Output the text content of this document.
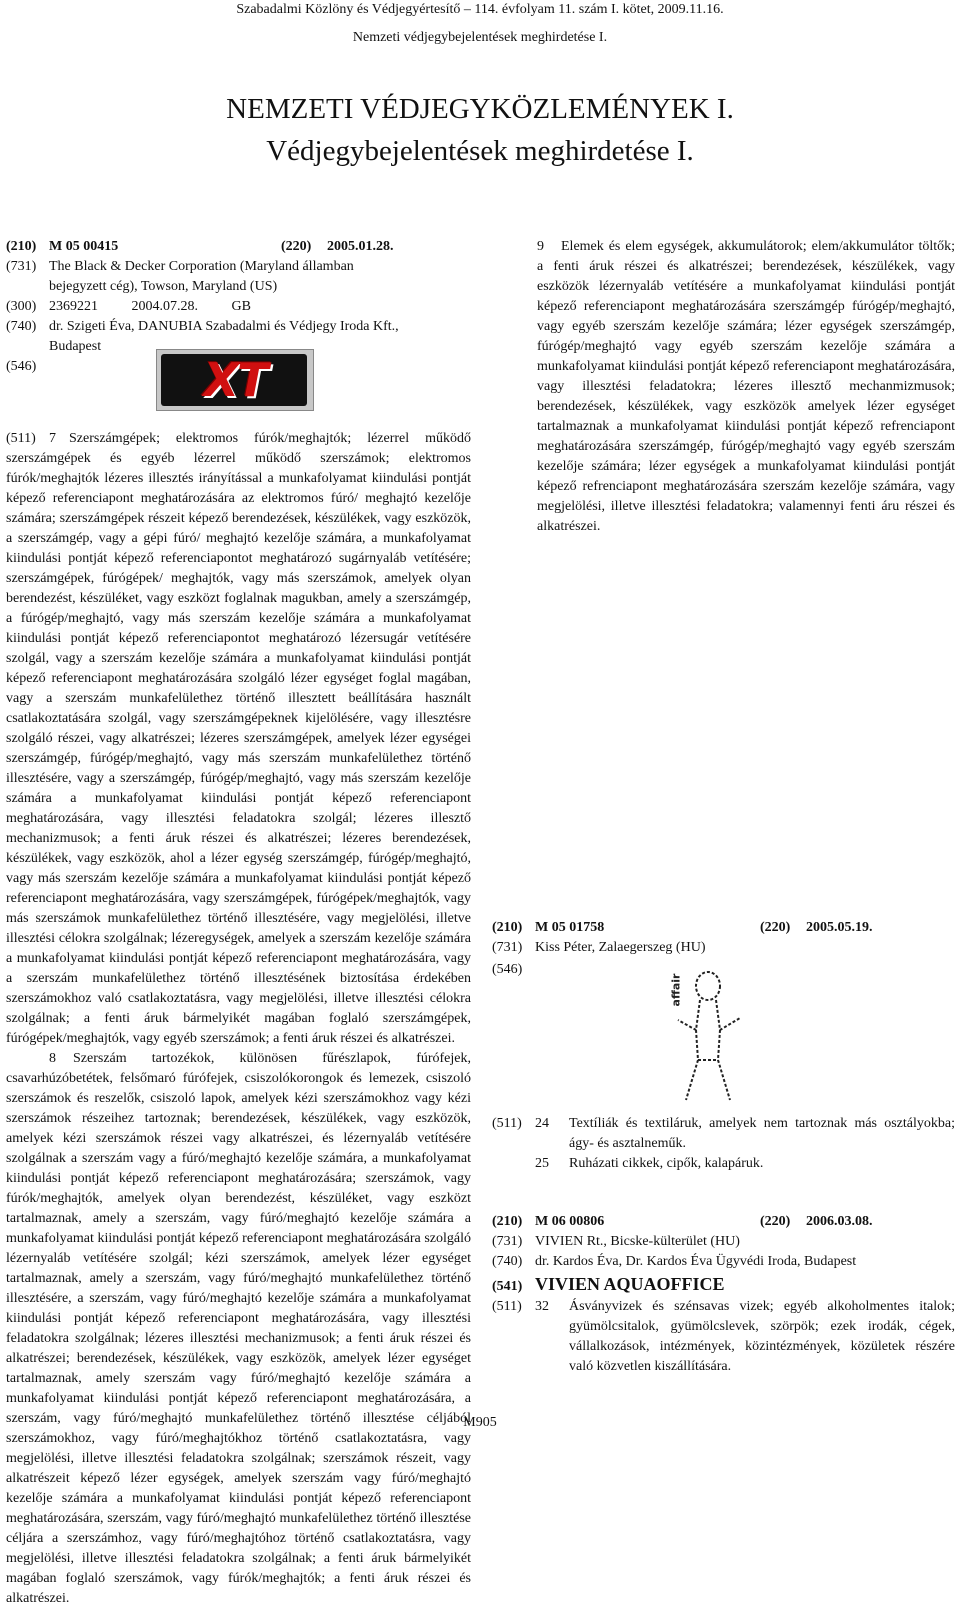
Szabadalmi Közlöny és Védjegyértesítő – 114. évfolyam 11. szám I. kötet, 2009.11.16.
Nemzeti védjegybejelentések meghirdetése I.
NEMZETI VÉDJEGYKÖZLEMÉNYEK I.
Védjegybejelentések meghirdetése I.
(210) M 05 00415	(220)	2005.01.28.
(731) The Black & Decker Corporation (Maryland államban bejegyzett cég), Towson, Maryland (US)
(300) 2369221 2004.07.28. GB
(740) dr. Szigeti Éva, DANUBIA Szabadalmi és Védjegy Iroda Kft., Budapest
(546)	XT
(511) 7 Szerszámgépek; elektromos fúrók/meghajtók; lézerrel működő szerszámgépek és egyéb lézerrel működő szerszámok; elektromos fúrók/meghajtók lézeres illesztés irányítással a munkafolyamat kiindulási pontját képező referenciapont meghatározására az elektromos fúró/ meghajtó kezelője számára; szerszámgépek részeit képező berendezések, készülékek, vagy eszközök, a szerszámgép, vagy a gépi fúró/ meghajtó kezelője számára, a munkafolyamat kiindulási pontját képező referenciapontot meghatározó sugárnyaláb vetítésére; szerszámgépek, fúrógépek/ meghajtók, vagy más szerszámok, amelyek olyan berendezést, készüléket, vagy eszközt foglalnak magukban, amely a szerszámgép, a fúrógép/meghajtó, vagy más szerszám kezelője számára a munkafolyamat kiindulási pontját képező referenciapontot meghatározó lézersugár vetítésére szolgál, vagy a szerszám kezelője számára a munkafolyamat kiindulási pontját képező referenciapont meghatározására szolgáló lézer egységet foglal magában, vagy a szerszám munkafelülethez történő illesztett beállítására használt csatlakoztatására szolgál, vagy szerszámgépeknek kijelölésére, vagy illesztésre szolgáló részei, vagy alkatrészei; lézeres szerszámgépek, amelyek lézer egységei szerszámgép, fúrógép/meghajtó, vagy más szerszám munkafelülethez történő illesztésére, vagy a szerszámgép, fúrógép/meghajtó, vagy más szerszám kezelője számára a munkafolyamat kiindulási pontját képező referenciapont meghatározására, vagy illesztési feladatokra szolgál; lézeres illesztő mechanizmusok; a fenti áruk részei és alkatrészei; lézeres berendezések, készülékek, vagy eszközök, ahol a lézer egység szerszámgép, fúrógép/meghajtó, vagy más szerszám kezelője számára a munkafolyamat kiindulási pontját képező referenciapont meghatározására, vagy szerszámgépek, fúrógépek/meghajtók, vagy más szerszámok munkafelülethez történő illesztésére, vagy megjelölési, illetve illesztési célokra szolgálnak; lézeregységek, amelyek a szerszám kezelője számára a munkafolyamat kiindulási pontját képező referenciapont meghatározására, vagy a szerszám munkafelülethez történő illesztésének biztosítása érdekében szerszámokhoz való csatlakoztatásra, vagy megjelölési, illetve illesztési célokra szolgálnak; a fenti áruk bármelyikét magában foglaló szerszámgépek, fúrógépek/meghajtók, vagy egyéb szerszámok; a fenti áruk részei és alkatrészei.

8 Szerszám tartozékok, különösen fűrészlapok, fúrófejek, csavarhúzóbetétek, felsőmaró fúrófejek, csiszolókorongok és lemezek, csiszoló szerszámok és reszelők, csiszoló lapok, amelyek kézi szerszámokhoz vagy kézi szerszámok részeihez tartoznak; berendezések, készülékek, vagy eszközök, amelyek kézi szerszámok részei vagy alkatrészei, és lézernyaláb vetítésére szolgálnak a szerszám vagy a fúró/meghajtó kezelője számára, a munkafolyamat kiindulási pontját képező referenciapont meghatározására; szerszámok, vagy fúrók/meghajtók, amelyek olyan berendezést, készüléket, vagy eszközt tartalmaznak, amely a szerszám, vagy fúró/meghajtó kezelője számára a munkafolyamat kiindulási pontját képező referenciapont meghatározására szolgáló lézernyaláb vetítésére szolgál; kézi szerszámok, amelyek lézer egységet tartalmaznak, amely a szerszám, vagy fúró/meghajtó munkafelülethez történő illesztésére, a szerszám, vagy fúró/meghajtó kezelője számára a munkafolyamat kiindulási pontját képező referenciapont meghatározására, vagy illesztési feladatokra szolgálnak; lézeres illesztési mechanizmusok; a fenti áruk részei és alkatrészei; berendezések, készülékek, vagy eszközök, amelyek lézer egységet tartalmaznak, amely szerszám vagy fúró/meghajtó kezelője számára a munkafolyamat kiindulási pontját képező referenciapont meghatározására, a szerszám, vagy fúró/meghajtó munkafelülethez történő illesztése céljából szerszámokhoz, vagy fúró/meghajtókhoz történő csatlakoztatásra, vagy megjelölési, illetve illesztési feladatokra szolgálnak; szerszámok részeit, vagy alkatrészeit képező lézer egységek, amelyek szerszám vagy fúró/meghajtó kezelője számára a munkafolyamat kiindulási pontját képező referenciapont meghatározására, szerszám, vagy fúró/meghajtó munkafelülethez történő illesztése céljára a szerszámhoz, vagy fúró/meghajtóhoz történő csatlakoztatásra, vagy megjelölési, illetve illesztési feladatokra szolgálnak; a fenti áruk bármelyikét magában foglaló szerszámok, vagy fúrók/meghajtók; a fenti áruk részei és alkatrészei.

9 Elemek és elem egységek, akkumulátorok; elem/akkumulátor töltők; a fenti áruk részei és alkatrészei; berendezések, készülékek, vagy eszközök lézernyaláb vetítésére a munkafolyamat kiindulási pontját képező referenciapont meghatározására szerszámgép fúrógép/meghajtó, vagy egyéb szerszám kezelője számára; lézer egységek szerszámgép, fúrógép/meghajtó vagy egyéb szerszám kezelője számára a munkafolyamat kiindulási pontját képező referenciapont meghatározására, vagy illesztési feladatokra; lézeres illesztő mechanmizmusok; berendezések, készülékek, vagy eszközök amelyek lézer egységet tartalmaznak a munkafolyamat kiindulási pontját képező refrenciapont meghatározására szerszámgép, fúrógép/meghajtó vagy egyéb szerszám kezelője számára; lézer egységek a munkafolyamat kiindulási pontját képező refrenciapont meghatározására szerszám kezelője számára, vagy megjelölési, illetve illesztési feladatokra; valamennyi fenti áru részei és alkatrészei.

(210) M 05 01758	(220)	2005.05.19.
(731) Kiss Péter, Zalaegerszeg (HU)
(546)
affair
(511) 24	Textíliák és textiláruk, amelyek nem tartoznak más osztályokba; ágy- és asztalneműk.
25	Ruházati cikkek, cipők, kalapáruk.
(210) M 06 00806	(220)	2006.03.08.
(731) VIVIEN Rt., Bicske-külterület (HU)
(740) dr. Kardos Éva, Dr. Kardos Éva Ügyvédi Iroda, Budapest
(541) VIVIEN AQUAOFFICE
(511) 32	Ásványvizek és szénsavas vizek; egyéb alkoholmentes italok; gyümölcsitalok, gyümölcslevek, szörpök; ezek irodák, cégek, vállalkozások, intézmények, közintézmények, közületek részére való közvetlen kiszállítására.
M905
